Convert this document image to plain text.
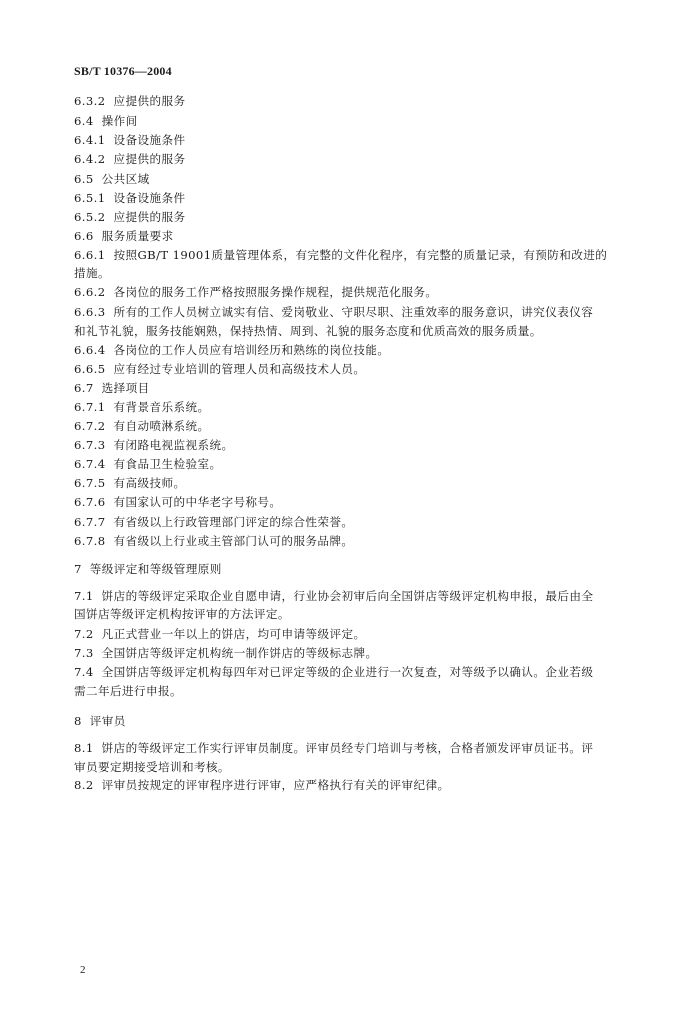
SB/T 10376—2004
6.3.2 应提供的服务
6.4 操作间
6.4.1 设备设施条件
6.4.2 应提供的服务
6.5 公共区域
6.5.1 设备设施条件
6.5.2 应提供的服务
6.6 服务质量要求
6.6.1 按照GB/T 19001质量管理体系，有完整的文件化程序，有完整的质量记录，有预防和改进的
措施。
6.6.2 各岗位的服务工作严格按照服务操作规程，提供规范化服务。
6.6.3 所有的工作人员树立诚实有信、爱岗敬业、守职尽职、注重效率的服务意识，讲究仪表仪容
和礼节礼貌，服务技能娴熟，保持热情、周到、礼貌的服务态度和优质高效的服务质量。
6.6.4 各岗位的工作人员应有培训经历和熟练的岗位技能。
6.6.5 应有经过专业培训的管理人员和高级技术人员。
6.7 选择项目
6.7.1 有背景音乐系统。
6.7.2 有自动喷淋系统。
6.7.3 有闭路电视监视系统。
6.7.4 有食品卫生检验室。
6.7.5 有高级技师。
6.7.6 有国家认可的中华老字号称号。
6.7.7 有省级以上行政管理部门评定的综合性荣誉。
6.7.8 有省级以上行业或主管部门认可的服务品牌。
7 等级评定和等级管理原则
7.1 饼店的等级评定采取企业自愿申请，行业协会初审后向全国饼店等级评定机构申报，最后由全
国饼店等级评定机构按评审的方法评定。
7.2 凡正式营业一年以上的饼店，均可申请等级评定。
7.3 全国饼店等级评定机构统一制作饼店的等级标志牌。
7.4 全国饼店等级评定机构每四年对已评定等级的企业进行一次复查，对等级予以确认。企业若级
需二年后进行申报。
8 评审员
8.1 饼店的等级评定工作实行评审员制度。评审员经专门培训与考核，合格者颁发评审员证书。评
审员要定期接受培训和考核。
8.2 评审员按规定的评审程序进行评审，应严格执行有关的评审纪律。
2
